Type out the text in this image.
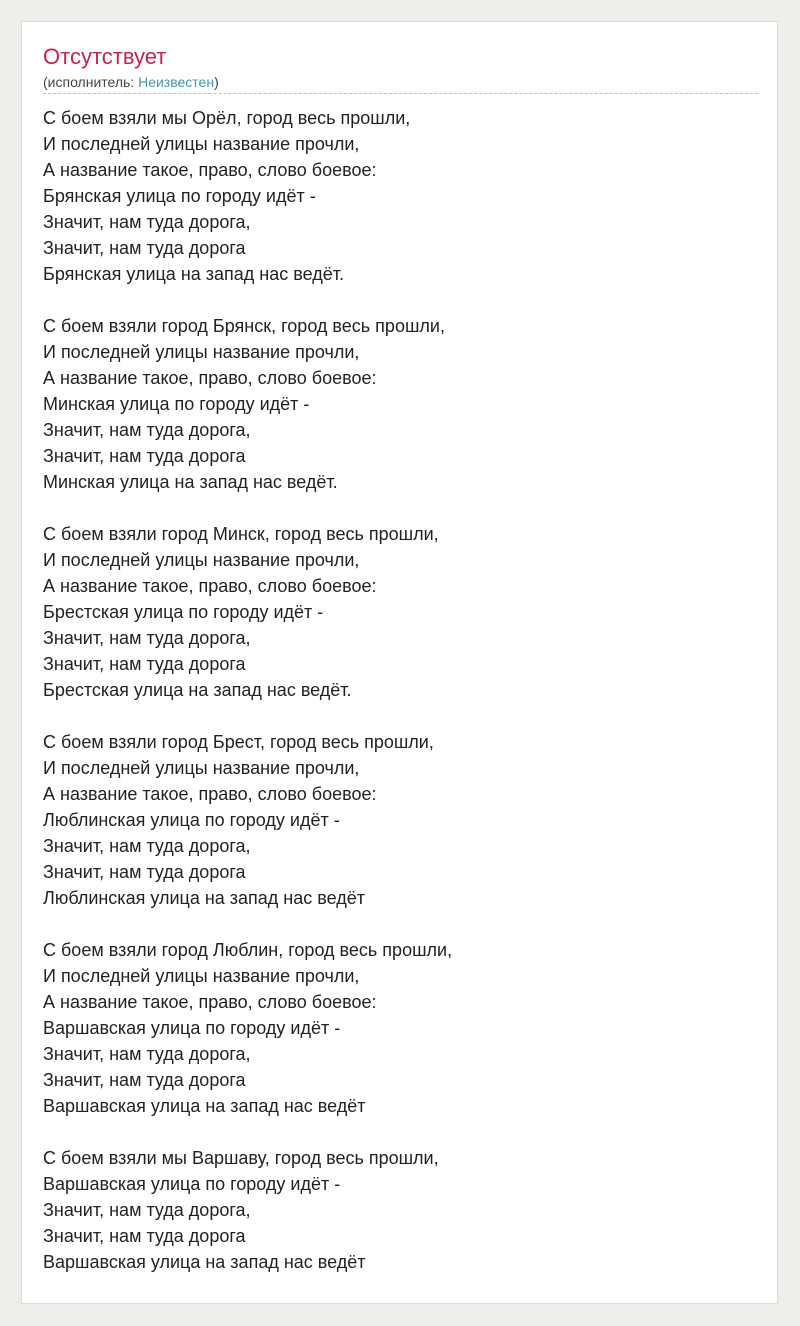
Отсутствует
(исполнитель: Неизвестен)
С боем взяли мы Орёл, город весь прошли,
И последней улицы название прочли,
А название такое, право, слово боевое:
Брянская улица по городу идёт -
Значит, нам туда дорога,
Значит, нам туда дорога
Брянская улица на запад нас ведёт.
С боем взяли город Брянск, город весь прошли,
И последней улицы название прочли,
А название такое, право, слово боевое:
Минская улица по городу идёт -
Значит, нам туда дорога,
Значит, нам туда дорога
Минская улица на запад нас ведёт.
С боем взяли город Минск, город весь прошли,
И последней улицы название прочли,
А название такое, право, слово боевое:
Брестская улица по городу идёт -
Значит, нам туда дорога,
Значит, нам туда дорога
Брестская улица на запад нас ведёт.
С боем взяли город Брест, город весь прошли,
И последней улицы название прочли,
А название такое, право, слово боевое:
Люблинская улица по городу идёт -
Значит, нам туда дорога,
Значит, нам туда дорога
Люблинская улица на запад нас ведёт
С боем взяли город Люблин, город весь прошли,
И последней улицы название прочли,
А название такое, право, слово боевое:
Варшавская улица по городу идёт -
Значит, нам туда дорога,
Значит, нам туда дорога
Варшавская улица на запад нас ведёт
С боем взяли мы Варшаву, город весь прошли,
Варшавская улица по городу идёт -
Значит, нам туда дорога,
Значит, нам туда дорога
Варшавская улица на запад нас ведёт
